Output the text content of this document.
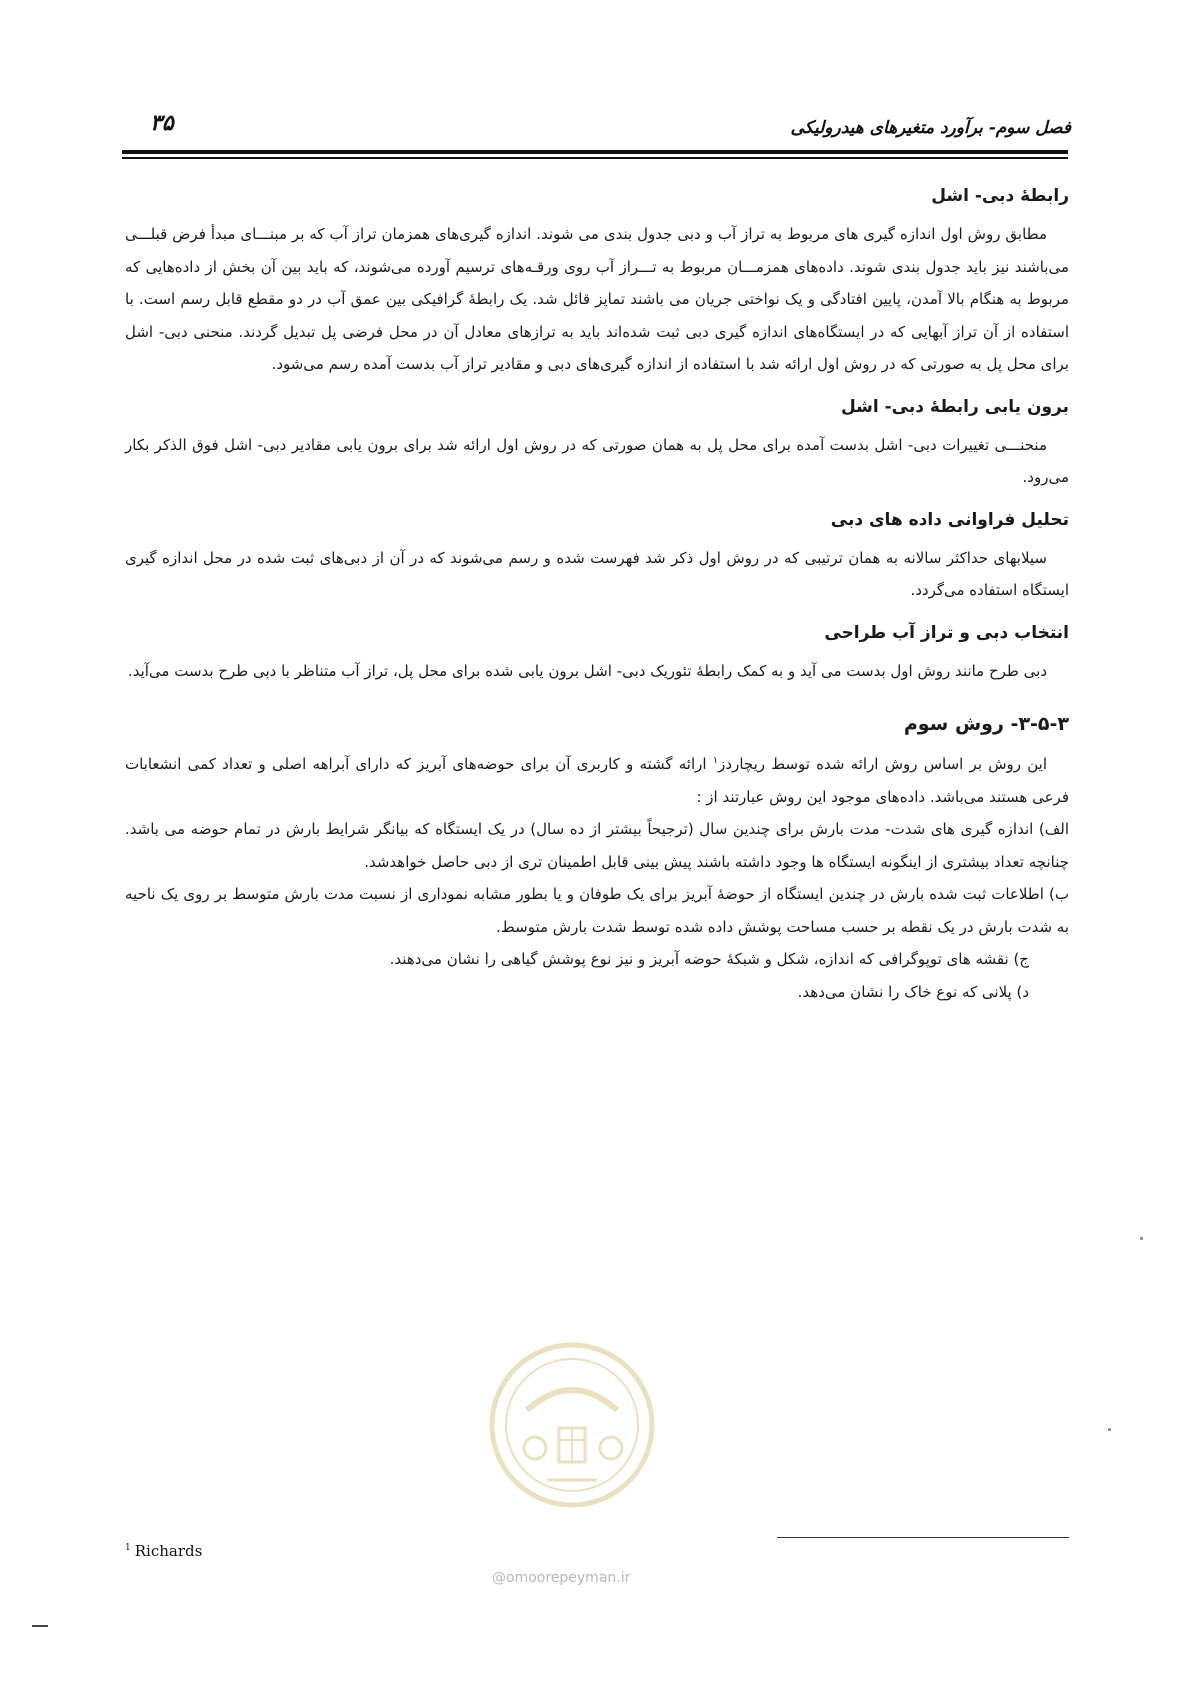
فصل سوم- برآورد متغیرهای هیدرولیکی
۳۵
رابطهٔ دبی- اشل

مطابق روش اول اندازه گیری های مربوط به تراز آب و دبی جدول بندی می شوند. اندازه گیری‌های همزمان تراز آب که بر مبنـــای مبدأ فرض قبلـــی می‌باشند نیز باید جدول بندی شوند. داده‌های همزمـــان مربوط به تـــراز آب روی ورقـه‌های ترسیم آورده می‌شوند، که باید بین آن بخش از داده‌هایی که مربوط به هنگام بالا آمدن، پایین افتادگی و یک نواختی جریان می باشند تمایز قائل شد. یک رابطهٔ گرافیکی بین عمق آب در دو مقطع قابل رسم است. با استفاده از آن تراز آبهایی که در ایستگاه‌های اندازه گیری دبی ثبت شده‌اند باید به ترازهای معادل آن در محل فرضی پل تبدیل گردند. منحنی دبی- اشل برای محل پل به صورتی که در روش اول ارائه شد با استفاده از اندازه گیری‌های دبی و مقادیر تراز آب بدست آمده رسم می‌شود.

برون یابی رابطهٔ دبی- اشل

منحنـــی تغییرات دبی- اشل بدست آمده برای محل پل به همان صورتی که در روش اول ارائه شد برای برون یابی مقادیر دبی- اشل فوق الذکر بکار می‌رود.

تحلیل فراوانی داده های دبی

سیلابهای حداکثر سالانه به همان ترتیبی که در روش اول ذکر شد فهرست شده و رسم می‌شوند که در آن از دبی‌های ثبت شده در محل اندازه گیری ایستگاه استفاده می‌گردد.

انتخاب دبی و تراز آب طراحی

دبی طرح مانند روش اول بدست می آید و به کمک رابطهٔ تئوریک دبی- اشل برون یابی شده برای محل پل، تراز آب متناظر با دبی طرح بدست می‌آید.

۳-۵-۳- روش سوم

این روش بر اساس روش ارائه شده توسط ریچاردز$^۱$ ارائه گشته و کاربری آن برای حوضه‌های آبریز که دارای آبراهه اصلی و تعداد کمی انشعابات فرعی هستند می‌باشد. داده‌های موجود این روش عبارتند از :

الف) اندازه گیری های شدت- مدت بارش برای چندین سال (ترجیحاً بیشتر از ده سال) در یک ایستگاه که بیانگر شرایط بارش در تمام حوضه می باشد. چنانچه تعداد بیشتری از اینگونه ایستگاه ها وجود داشته باشند پیش بینی قابل اطمینان تری از دبی حاصل خواهدشد.

ب) اطلاعات ثبت شده بارش در چندین ایستگاه از حوضهٔ آبریز برای یک طوفان و یا بطور مشابه نموداری از نسبت مدت بارش متوسط بر روی یک ناحیه به شدت بارش در یک نقطه بر حسب مساحت پوشش داده شده توسط شدت بارش متوسط.

ج) نقشه های توپوگرافی که اندازه، شکل و شبکهٔ حوضه آبریز و نیز نوع پوشش گیاهی را نشان می‌دهند.

د) پلانی که نوع خاک را نشان می‌دهد.

@omoorepeyman.ir
$^1$ Richards
